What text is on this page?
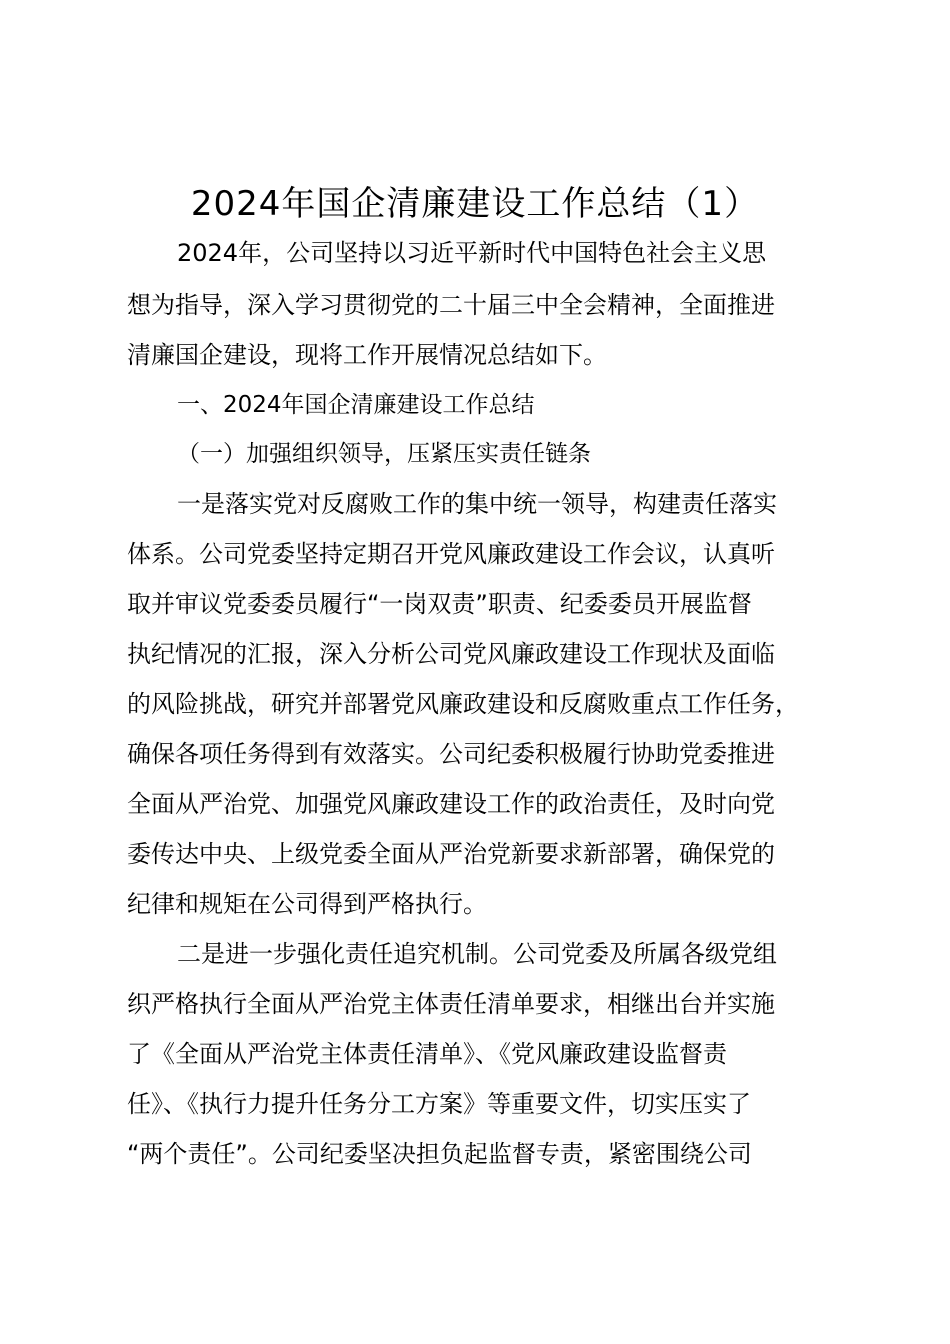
2024年国企清廉建设工作总结（1）
2024年，公司坚持以习近平新时代中国特色社会主义思
想为指导，深入学习贯彻党的二十届三中全会精神，全面推进
清廉国企建设，现将工作开展情况总结如下。
一、2024年国企清廉建设工作总结
（一）加强组织领导，压紧压实责任链条
一是落实党对反腐败工作的集中统一领导，构建责任落实
体系。公司党委坚持定期召开党风廉政建设工作会议，认真听
取并审议党委委员履行“一岗双责”职责、纪委委员开展监督
执纪情况的汇报，深入分析公司党风廉政建设工作现状及面临
的风险挑战，研究并部署党风廉政建设和反腐败重点工作任务，
确保各项任务得到有效落实。公司纪委积极履行协助党委推进
全面从严治党、加强党风廉政建设工作的政治责任，及时向党
委传达中央、上级党委全面从严治党新要求新部署，确保党的
纪律和规矩在公司得到严格执行。
二是进一步强化责任追究机制。公司党委及所属各级党组
织严格执行全面从严治党主体责任清单要求，相继出台并实施
了《全面从严治党主体责任清单》、《党风廉政建设监督责
任》、《执行力提升任务分工方案》等重要文件，切实压实了
“两个责任”。公司纪委坚决担负起监督专责，紧密围绕公司
